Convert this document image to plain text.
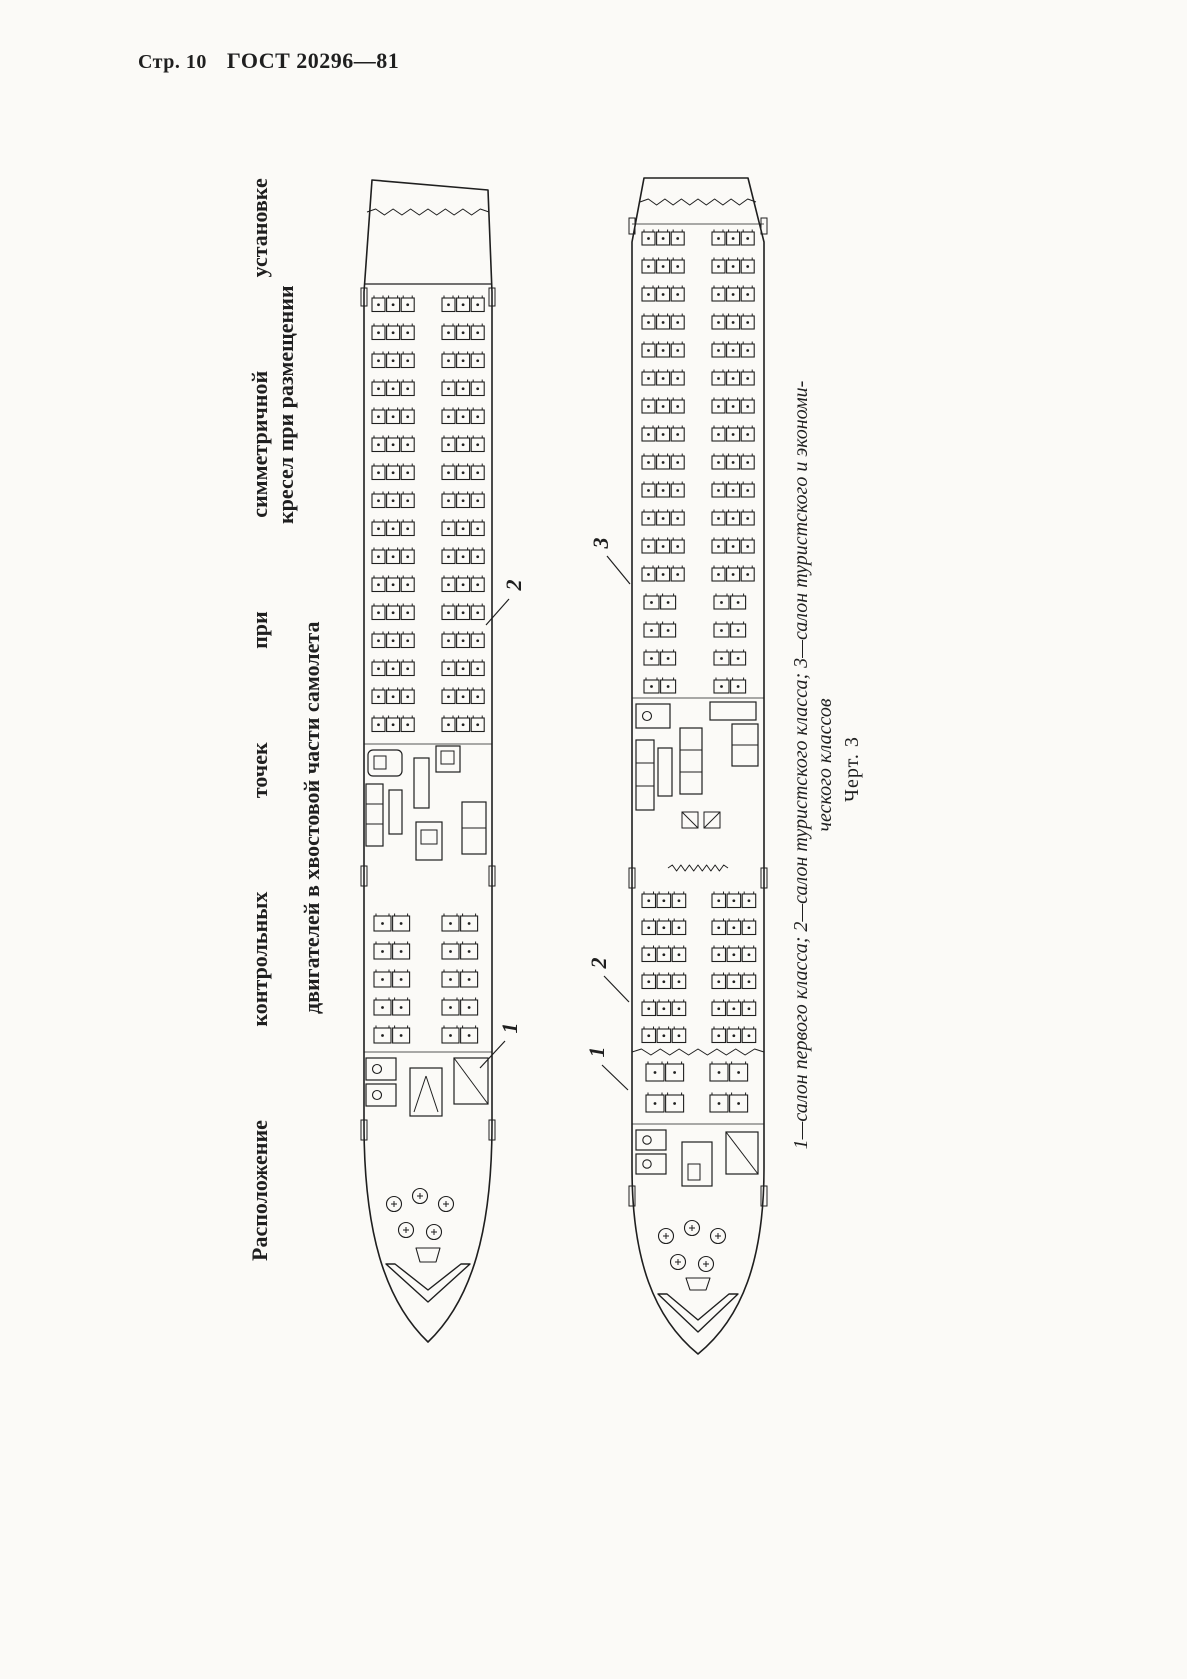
Стр. 10 ГОСТ 20296—81
Расположение контрольных точек при симметричной установке кресел при размещении
двигателей в хвостовой части самолета
2
1
3
2
1	1—салон первого класса; 2—салон туристского класса; 3—салон туристского и экономи- ческого классов Черт. 3
